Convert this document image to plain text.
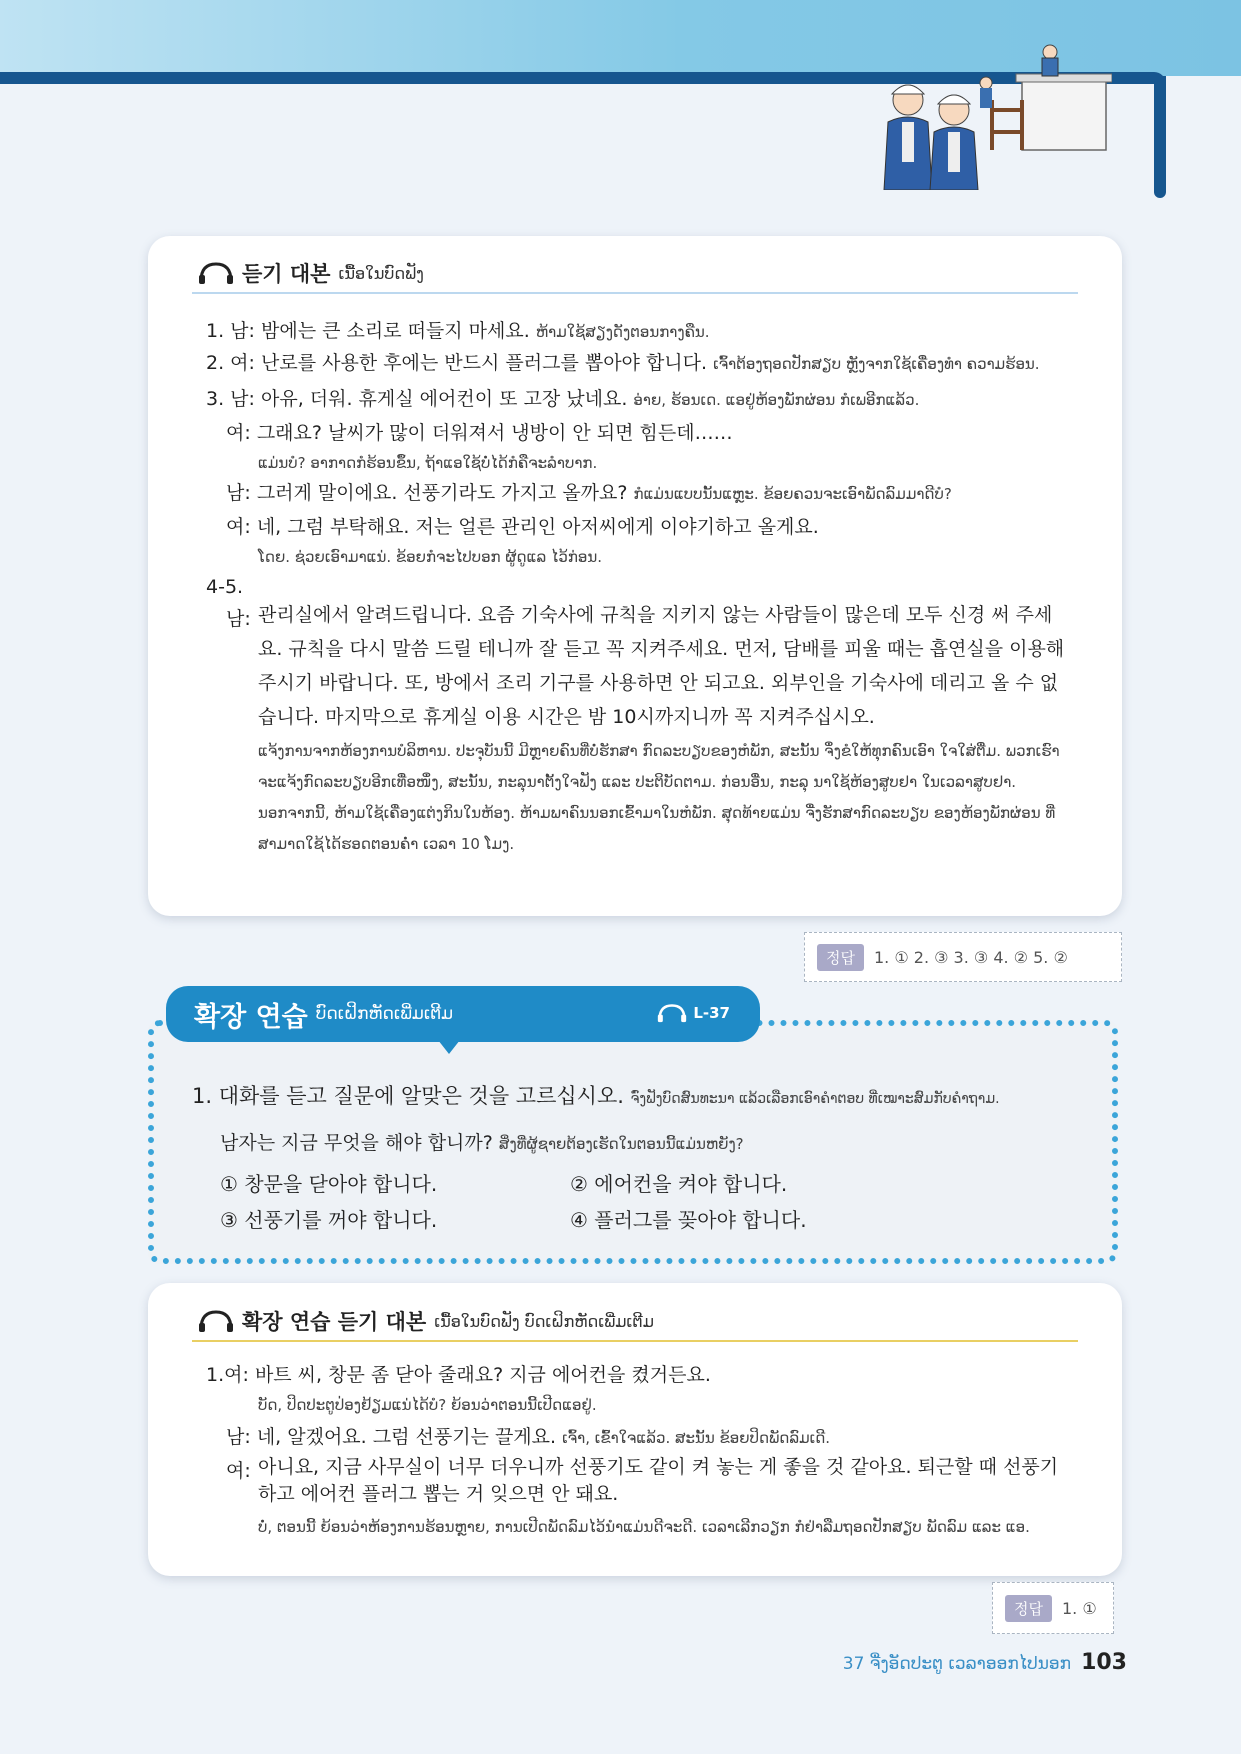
듣기 대본 ເນື້ອໃນບົດຟັງ
1. 남: 밤에는 큰 소리로 떠들지 마세요. ຫ້າມໃຊ້ສຽງດັງຕອນກາງຄືນ.
2. 여: 난로를 사용한 후에는 반드시 플러그를 뽑아야 합니다. ເຈົ້າຕ້ອງຖອດປັກສຽບ ຫຼັງຈາກໃຊ້ເຄື່ອງທຳ ຄວາມຮ້ອນ.
3. 남: 아유, 더워. 휴게실 에어컨이 또 고장 났네요. ອ່າຍ, ຮ້ອນເດ. ແອຢູ່ຫ້ອງພັກຜ່ອນ ກໍເພອີກແລ້ວ.
여: 그래요? 날씨가 많이 더워져서 냉방이 안 되면 힘든데……
ແມ່ນບໍ? ອາກາດກໍຮ້ອນຂຶ້ນ, ຖ້າແອໃຊ້ບໍ່ໄດ້ກໍຄືຈະລໍາບາກ.
남: 그러게 말이에요. 선풍기라도 가지고 올까요? ກໍແມ່ນແບບນັ້ນແຫຼະ. ຂ້ອຍຄວນຈະເອົາພັດລົມມາດີບໍ?
여: 네, 그럼 부탁해요. 저는 얼른 관리인 아저씨에게 이야기하고 올게요.
ໂດຍ. ຊ່ວຍເອົາມາແນ່. ຂ້ອຍກໍຈະໄປບອກ ຜູ້ດູແລ ໄວ້ກ່ອນ.
4-5.
남: 관리실에서 알려드립니다. 요즘 기숙사에 규칙을 지키지 않는 사람들이 많은데 모두 신경 써 주세요. 규칙을 다시 말씀 드릴 테니까 잘 듣고 꼭 지켜주세요. 먼저, 담배를 피울 때는 흡연실을 이용해 주시기 바랍니다. 또, 방에서 조리 기구를 사용하면 안 되고요. 외부인을 기숙사에 데리고 올 수 없습니다. 마지막으로 휴게실 이용 시간은 밤 10시까지니까 꼭 지켜주십시오.
ແຈ້ງການຈາກຫ້ອງການບໍລິຫານ. ປະຈຸບັນນີ້ ມີຫຼາຍຄົນທີ່ບໍ່ຮັກສາ ກົດລະບຽບຂອງຫໍພັກ, ສະນັ້ນ ຈຶ່ງຂໍໃຫ້ທຸກຄົນເອົາ ໃຈໃສ່ຕື່ມ. ພວກເຮົາຈະແຈ້ງກົດລະບຽບອີກເທື່ອໜຶ່ງ, ສະນັ້ນ, ກະລຸນາຕັ້ງໃຈຟັງ ແລະ ປະຕິບັດຕາມ. ກ່ອນອື່ນ, ກະລຸ ນາໃຊ້ຫ້ອງສູບຢາ ໃນເວລາສູບຢາ. ນອກຈາກນີ້, ຫ້າມໃຊ້ເຄື່ອງແຕ່ງກິນໃນຫ້ອງ. ຫ້າມພາຄົນນອກເຂົ້າມາໃນຫໍພັກ. ສຸດທ້າຍແມ່ນ ຈື່ງຮັກສາກົດລະບຽບ ຂອງຫ້ອງພັກຜ່ອນ ທີ່ສາມາດໃຊ້ໄດ້ຮອດຕອນຄໍ່າ ເວລາ 10 ໂມງ.
정답	1. ① 2. ③ 3. ③ 4. ② 5. ②
확장 연습 ບົດເຝິກຫັດເພີ່ມເຕີມ	L-37
1. 대화를 듣고 질문에 알맞은 것을 고르십시오. ຈົ່ງຟັງບົດສົນທະນາ ແລ້ວເລືອກເອົາຄໍາຕອບ ທີ່ເໝາະສົມກັບຄໍາຖາມ.
남자는 지금 무엇을 해야 합니까? ສິ່ງທີ່ຜູ້ຊາຍຕ້ອງເຮັດໃນຕອນນີ້ແມ່ນຫຍັງ?
① 창문을 닫아야 합니다.	② 에어컨을 켜야 합니다.
③ 선풍기를 꺼야 합니다.	④ 플러그를 꽂아야 합니다.
확장 연습 듣기 대본 ເນື້ອໃນບົດຟັງ ບົດເຝິກຫັດເພີ່ມເຕີມ
1.여: 바트 씨, 창문 좀 닫아 줄래요? 지금 에어컨을 켰거든요.
ບັດ, ປິດປະຕູປ່ອງຢ້ຽມແນ່ໄດ້ບໍ? ຍ້ອນວ່າຕອນນີ້ເປີດແອຢູ່.
남: 네, 알겠어요. 그럼 선풍기는 끌게요. ເຈົ້າ, ເຂົ້າໃຈແລ້ວ. ສະນັ້ນ ຂ້ອຍປິດພັດລົມເດີ.
여: 아니요, 지금 사무실이 너무 더우니까 선풍기도 같이 켜 놓는 게 좋을 것 같아요. 퇴근할 때 선풍기하고 에어컨 플러그 뽑는 거 잊으면 안 돼요.
ບໍ່, ຕອນນີ້ ຍ້ອນວ່າຫ້ອງການຮ້ອນຫຼາຍ, ການເປີດພັດລົມໄວ້ນໍາແມ່ນດີຈະດີ. ເວລາເລີກວຽກ ກໍຢ່າລືມຖອດປັກສຽບ ພັດລົມ ແລະ ແອ.
정답	1. ①
37 ຈື່ງອັດປະຕູ ເວລາອອກໄປນອກ 103
